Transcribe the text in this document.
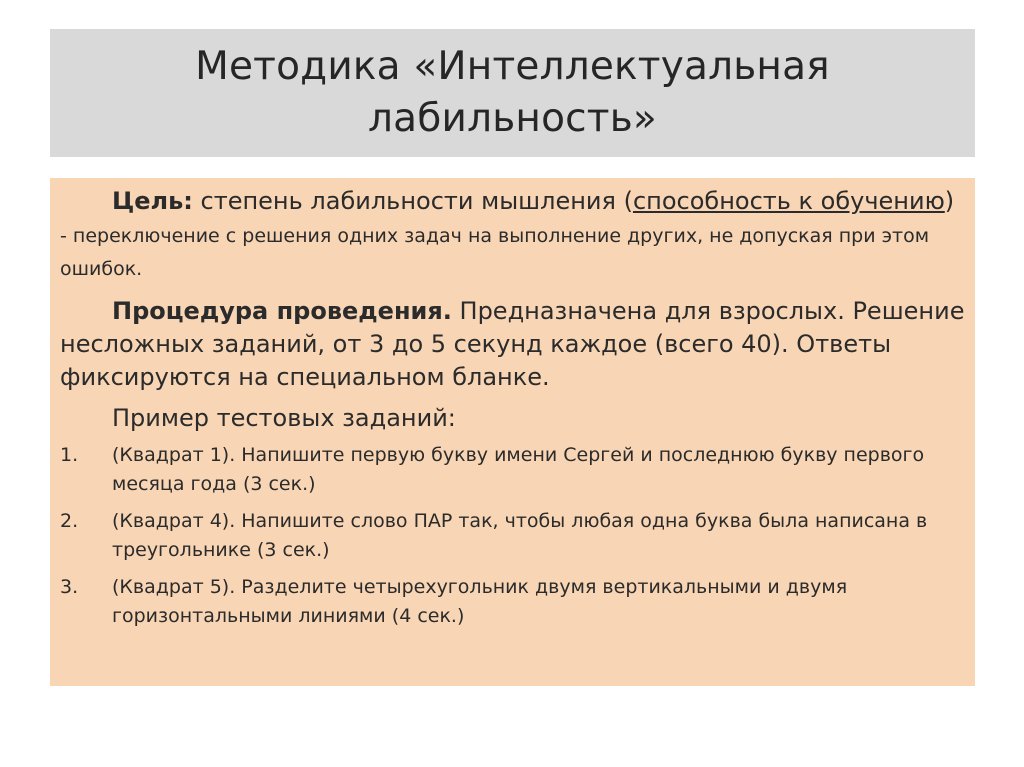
Методика «Интеллектуальная
лабильность»

Цель: степень лабильности мышления (способность к обучению) - переключение с решения одних задач на выполнение других, не допуская при этом ошибок.

Процедура проведения. Предназначена для взрослых. Решение несложных заданий, от 3 до 5 секунд каждое (всего 40). Ответы фиксируются на специальном бланке.

Пример тестовых заданий:

1.	(Квадрат 1). Напишите первую букву имени Сергей и последнюю букву первого месяца года (3 сек.)
2.	(Квадрат 4). Напишите слово ПАР так, чтобы любая одна буква была написана в треугольнике (3 сек.)
3.	(Квадрат 5). Разделите четырехугольник двумя вертикальными и двумя горизонтальными линиями (4 сек.)
